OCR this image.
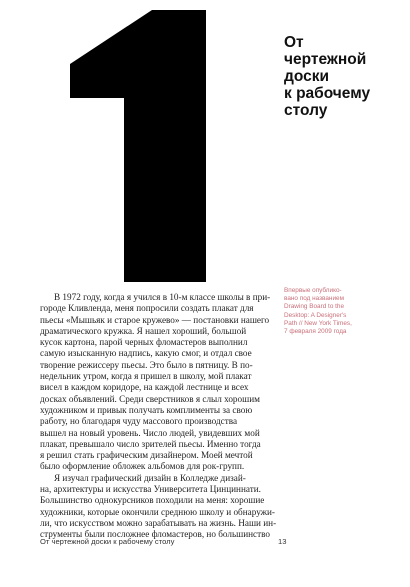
От
чертежной
доски
к рабочему
столу
Впервые опублико-
вано под названием
Drawing Board to the
Desktop: A Designer's
Path // New York Times,
7 февраля 2009 года
В 1972 году, когда я учился в 10-м классе школы в при-
городе Кливленда, меня попросили создать плакат для
пьесы «Мышьяк и старое кружево» — постановки нашего
драматического кружка. Я нашел хороший, большой
кусок картона, парой черных фломастеров выполнил
самую изысканную надпись, какую смог, и отдал свое
творение режиссеру пьесы. Это было в пятницу. В по-
недельник утром, когда я пришел в школу, мой плакат
висел в каждом коридоре, на каждой лестнице и всех
досках объявлений. Среди сверстников я слыл хорошим
художником и привык получать комплименты за свою
работу, но благодаря чуду массового производства
вышел на новый уровень. Число людей, увидевших мой
плакат, превышало число зрителей пьесы. Именно тогда
я решил стать графическим дизайнером. Моей мечтой
было оформление обложек альбомов для рок-групп.
Я изучал графический дизайн в Колледже дизай-
на, архитектуры и искусства Университета Цинциннати.
Большинство однокурсников походили на меня: хорошие
художники, которые окончили среднюю школу и обнаружи-
ли, что искусством можно зарабатывать на жизнь. Наши ин-
струменты были посложнее фломастеров, но большинство
От чертежной доски к рабочему столу	13
